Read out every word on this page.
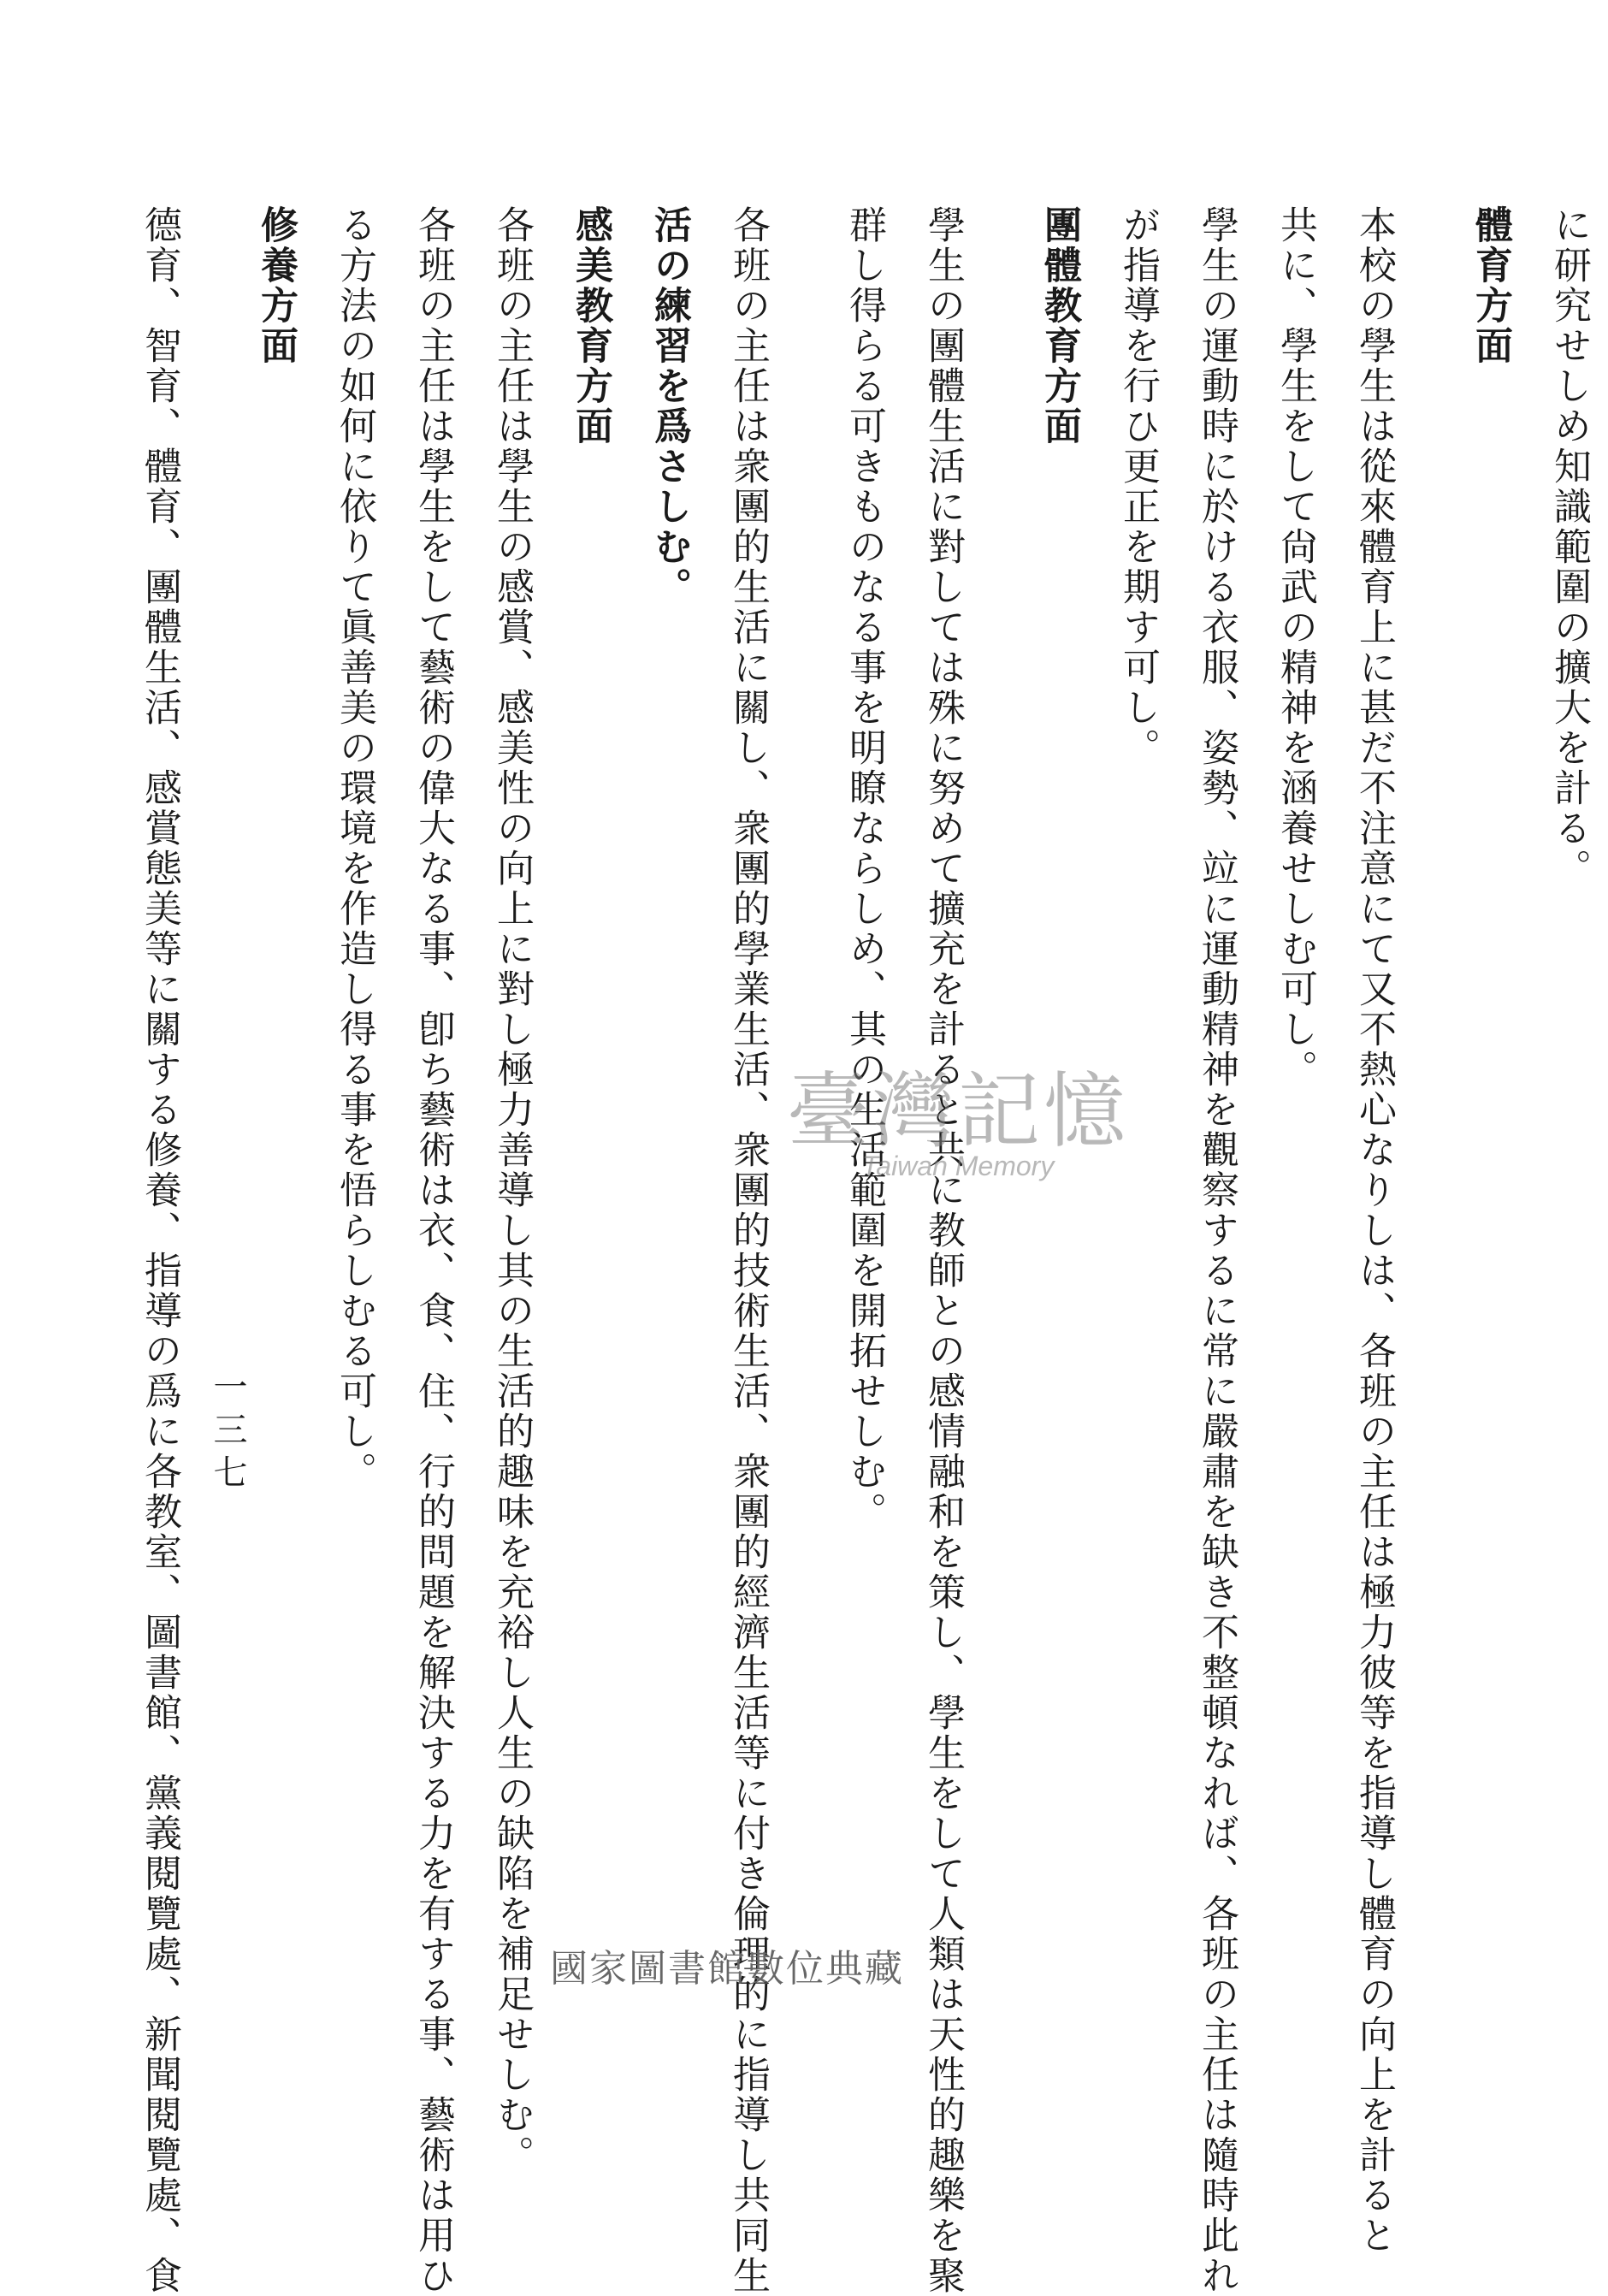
に研究せしめ知識範圍の擴大を計る。
體育方面
本校の學生は從來體育上に甚だ不注意にて又不熱心なりしは、各班の主任は極力彼等を指導し體育の向上を計ると
共に、學生をして尙武の精神を涵養せしむ可し。
學生の運動時に於ける衣服、姿勢、竝に運動精神を觀察するに常に嚴肅を缺き不整頓なれば、各班の主任は隨時此れ
が指導を行ひ更正を期す可し。
團體教育方面
學生の團體生活に對しては殊に努めて擴充を計ると共に教師との感情融和を策し、學生をして人類は天性的趣樂を聚
群し得らる可きものなる事を明瞭ならしめ、其の生活範圍を開拓せしむ。
各班の主任は衆團的生活に關し、衆團的學業生活、衆團的技術生活、衆團的經濟生活等に付き倫理的に指導し共同生
活の練習を爲さしむ。
感美教育方面
各班の主任は學生の感賞、感美性の向上に對し極力善導し其の生活的趣味を充裕し人生の缺陷を補足せしむ。
各班の主任は學生をして藝術の偉大なる事、卽ち藝術は衣、食、住、行的問題を解決する力を有する事、藝術は用ひ
る方法の如何に依りて眞善美の環境を作造し得る事を悟らしむる可し。
修養方面
德育、智育、體育、團體生活、感賞態美等に關する修養、指導の爲に各教室、圖書館、黨義閱覽處、新聞閱覽處、食 一三七
臺灣記憶
Taiwan Memory
國家圖書館數位典藏
